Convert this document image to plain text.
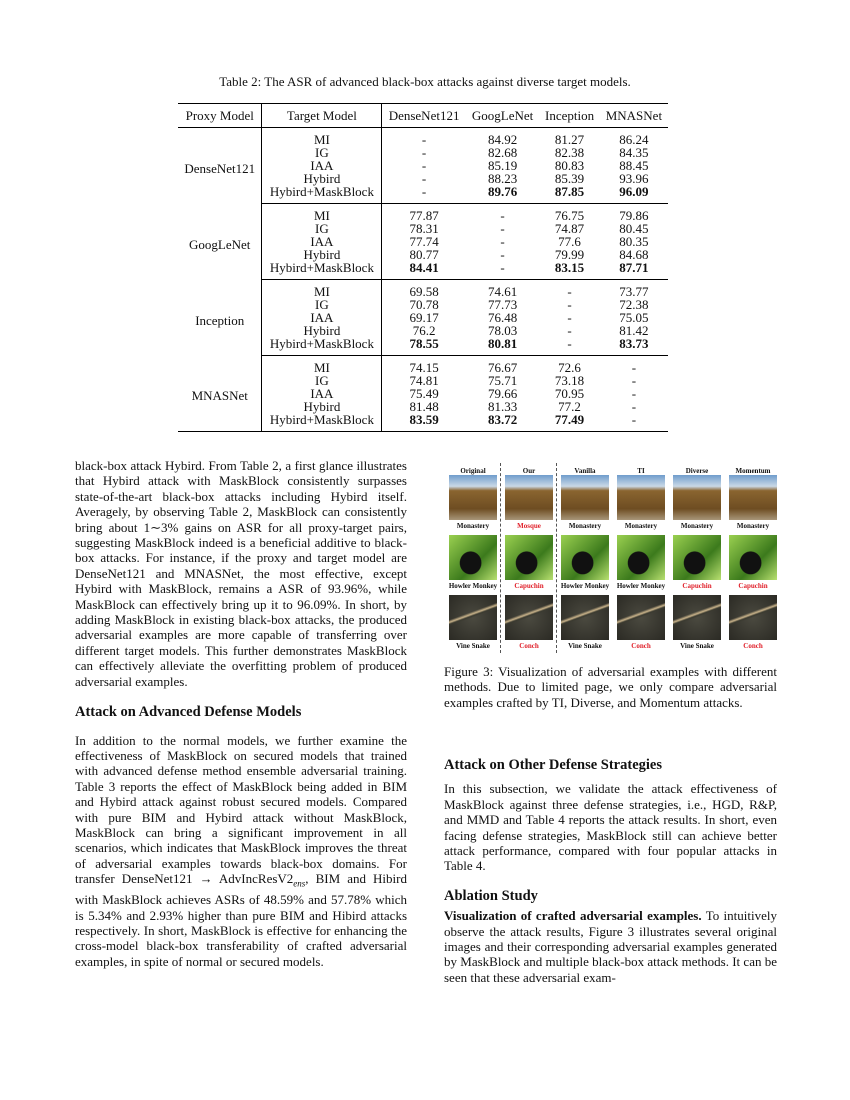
Table 2: The ASR of advanced black-box attacks against diverse target models.
Proxy Model	Target Model	DenseNet121	GoogLeNet	Inception	MNASNet
DenseNet121	MI	-	84.92	81.27	86.24
	IG	-	82.68	82.38	84.35
	IAA	-	85.19	80.83	88.45
	Hybird	-	88.23	85.39	93.96
	Hybird+MaskBlock	-	89.76	87.85	96.09
GoogLeNet	MI	77.87	-	76.75	79.86
	IG	78.31	-	74.87	80.45
	IAA	77.74	-	77.6	80.35
	Hybird	80.77	-	79.99	84.68
	Hybird+MaskBlock	84.41	-	83.15	87.71
Inception	MI	69.58	74.61	-	73.77
	IG	70.78	77.73	-	72.38
	IAA	69.17	76.48	-	75.05
	Hybird	76.2	78.03	-	81.42
	Hybird+MaskBlock	78.55	80.81	-	83.73
MNASNet	MI	74.15	76.67	72.6	-
	IG	74.81	75.71	73.18	-
	IAA	75.49	79.66	70.95	-
	Hybird	81.48	81.33	77.2	-
	Hybird+MaskBlock	83.59	83.72	77.49	-

black-box attack Hybird. From Table 2, a first glance illustrates that Hybird attack with MaskBlock consistently surpasses state-of-the-art black-box attacks including Hybird itself. Averagely, by observing Table 2, MaskBlock can consistently bring about 1∼3% gains on ASR for all proxy-target pairs, suggesting MaskBlock indeed is a beneficial additive to black-box attacks. For instance, if the proxy and target model are DenseNet121 and MNASNet, the most effective, except Hybird with MaskBlock, remains a ASR of 93.96%, while MaskBlock can effectively bring up it to 96.09%. In short, by adding MaskBlock in existing black-box attacks, the produced adversarial examples are more capable of transferring over different target models. This further demonstrates MaskBlock can effectively alleviate the overfitting problem of produced adversarial examples.

Attack on Advanced Defense Models

In addition to the normal models, we further examine the effectiveness of MaskBlock on secured models that trained with advanced defense method ensemble adversarial training. Table 3 reports the effect of MaskBlock being added in BIM and Hybird attack against robust secured models. Compared with pure BIM and Hybird attack without MaskBlock, MaskBlock can bring a significant improvement in all scenarios, which indicates that MaskBlock improves the threat of adversarial examples towards black-box domains. For transfer DenseNet121 → $AdvIncResV2_{ens}$, BIM and Hibird with MaskBlock achieves ASRs of 48.59% and 57.78% which is 5.34% and 2.93% higher than pure BIM and Hibird attacks respectively. In short, MaskBlock is effective for enhancing the cross-model black-box transferability of crafted adversarial examples, in spite of normal or secured models.

Original	Our	Vanilla	TI	Diverse	Momentum
Monastery	Mosque	Monastery	Monastery	Monastery	Monastery
Howler Monkey	Capuchin	Howler Monkey	Howler Monkey	Capuchin	Capuchin
Vine Snake	Conch	Vine Snake	Conch	Vine Snake	Conch
Figure 3: Visualization of adversarial examples with different methods. Due to limited page, we only compare adversarial examples crafted by TI, Diverse, and Momentum attacks.
Attack on Other Defense Strategies

In this subsection, we validate the attack effectiveness of MaskBlock against three defense strategies, i.e., HGD, R&P, and MMD and Table 4 reports the attack results. In short, even facing defense strategies, MaskBlock still can achieve better attack performance, compared with four popular attacks in Table 4.

Ablation Study

Visualization of crafted adversarial examples. To intuitively observe the attack results, Figure 3 illustrates several original images and their corresponding adversarial examples generated by MaskBlock and multiple black-box attack methods. It can be seen that these adversarial exam-
